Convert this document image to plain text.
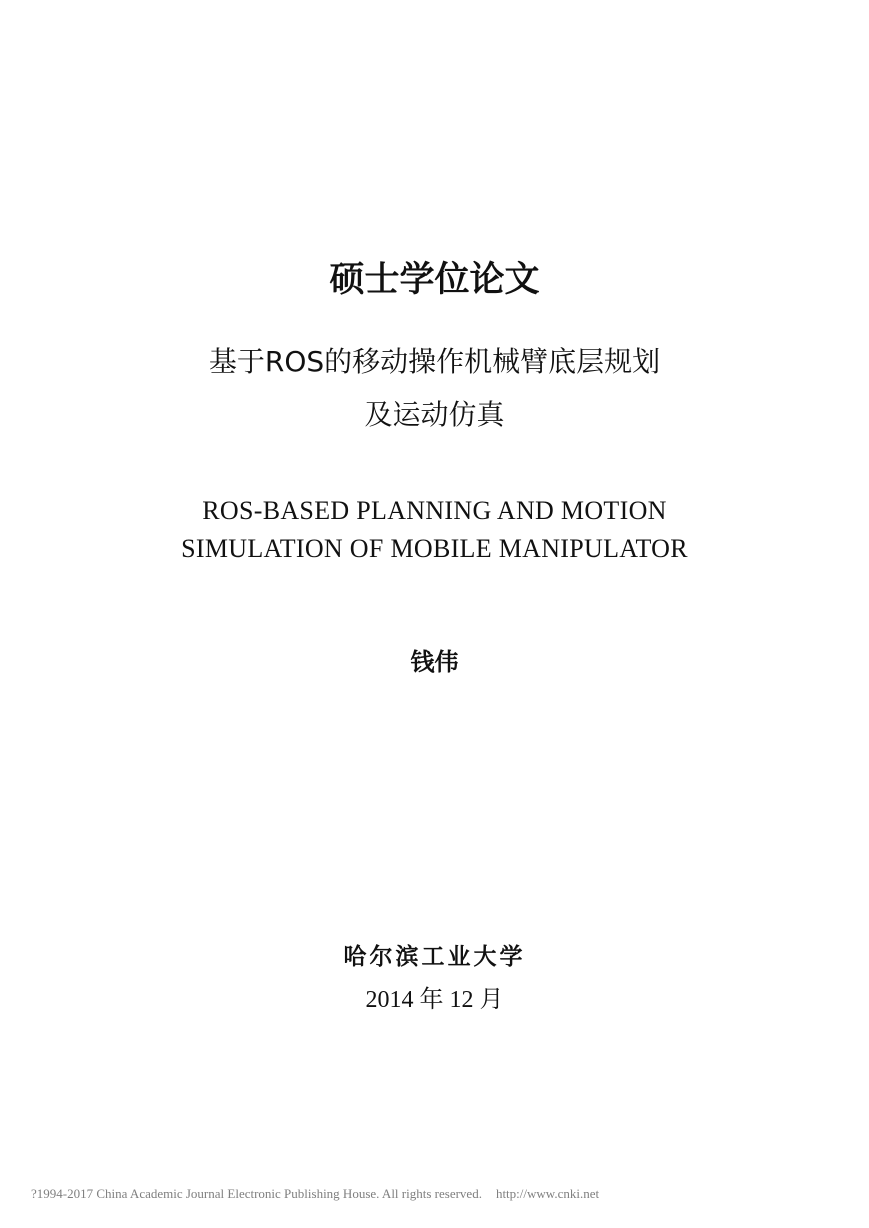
硕士学位论文
基于ROS的移动操作机械臂底层规划
及运动仿真
ROS-BASED PLANNING AND MOTION
SIMULATION OF MOBILE MANIPULATOR
钱伟
哈尔滨工业大学
2014 年 12 月
?1994-2017 China Academic Journal Electronic Publishing House. All rights reserved. http://www.cnki.net
